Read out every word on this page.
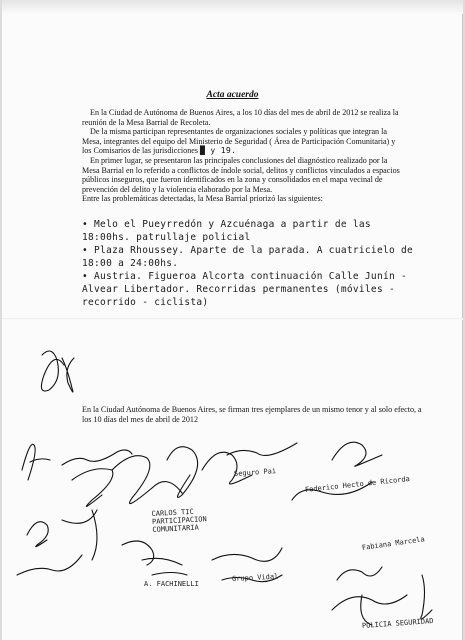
Acta acuerdo

En la Ciudad de Autónoma de Buenos Aires, a los 10 días del mes de abril de 2012 se realiza la reunión de la Mesa Barrial de Recoleta.

De la misma participan representantes de organizaciones sociales y políticas que integran la Mesa, integrantes del equipo del Ministerio de Seguridad ( Área de Participación Comunitaria) y los Comisarios de las jurisdicciones █ y 19.

En primer lugar, se presentaron las principales conclusiones del diagnóstico realizado por la Mesa Barrial en lo referido a conflictos de índole social, delitos y conflictos vinculados a espacios públicos inseguros, que fueron identificados en la zona y consolidados en el mapa vecinal de prevención del delito y la violencia elaborado por la Mesa.

Entre las problemáticas detectadas, la Mesa Barrial priorizó las siguientes:

• Melo el Pueyrredón y Azcuénaga a partir de las 18:00hs. patrullaje policial
• Plaza Rhoussey. Aparte de la parada. A cuatricielo de 18:00 a 24:00hs.
• Austria. Figueroa Alcorta continuación Calle Junín - Alvear Libertador. Recorridas permanentes (móviles - recorrido - ciclista)
En la Ciudad Autónoma de Buenos Aires, se firman tres ejemplares de un mismo tenor y al solo efecto, a los 10 días del mes de abril de 2012
Seguro Pai
CARLOS TIC PARTICIPACION COMUNITARIA
Federico Hecto de Ricorda
Fabiana Marcela
A. FACHINELLI
Grupo Vidal
POLICIA SEGURIDAD
